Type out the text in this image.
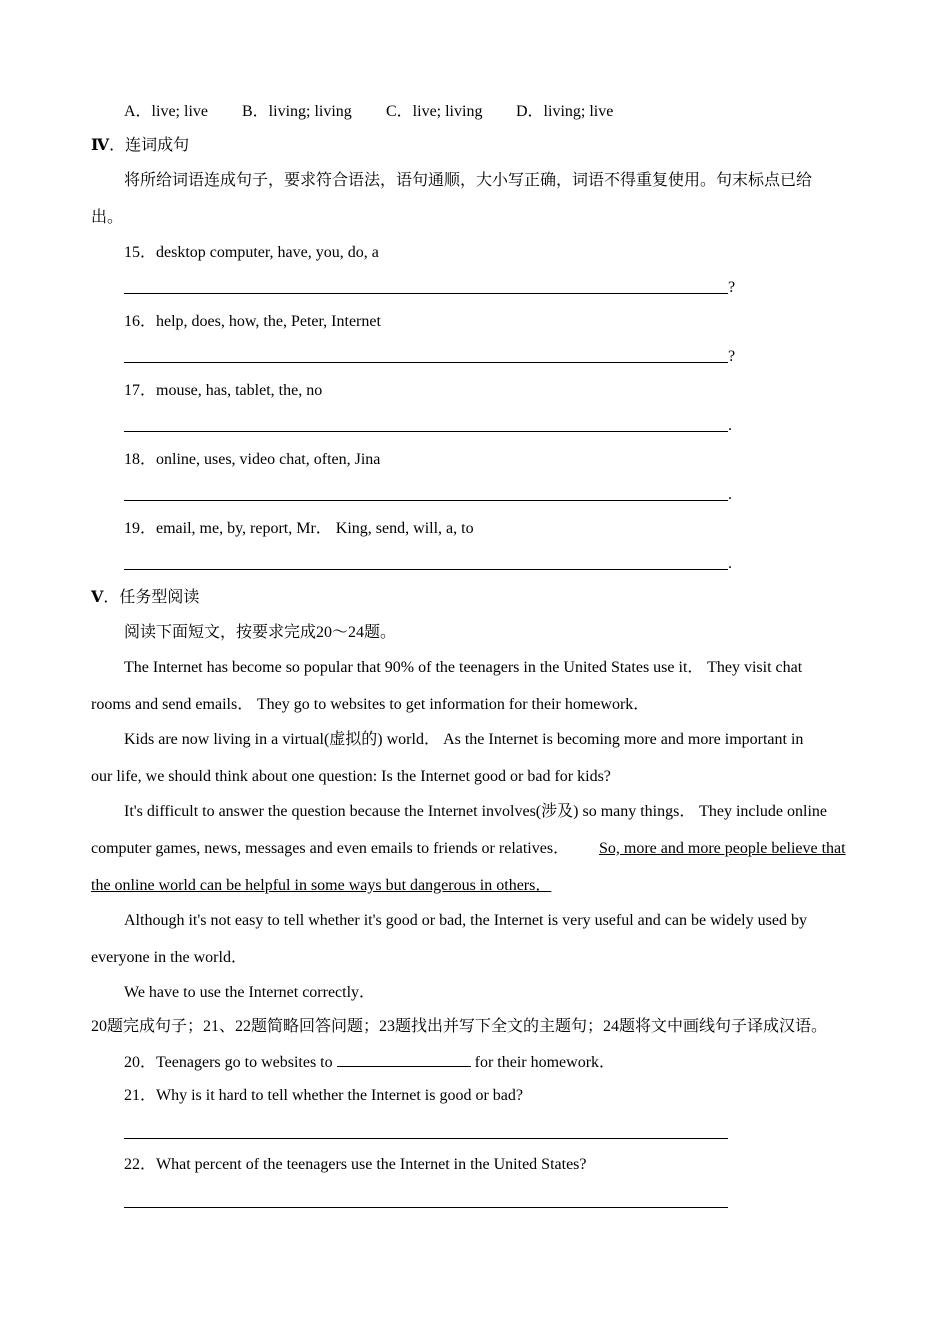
A．live; live B．living; living C．live; living D．living; live
Ⅳ．连词成句
将所给词语连成句子，要求符合语法，语句通顺，大小写正确，词语不得重复使用。句末标点已给
出。
15．desktop computer, have, you, do, a
?
16．help, does, how, the, Peter, Internet
?
17．mouse, has, tablet, the, no
.
18．online, uses, video chat, often, Jina
.
19．email, me, by, report, Mr． King, send, will, a, to
.
Ⅴ．任务型阅读
阅读下面短文，按要求完成20～24题。
The Internet has become so popular that 90% of the teenagers in the United States use it． They visit chat
rooms and send emails． They go to websites to get information for their homework．
Kids are now living in a virtual(虚拟的) world． As the Internet is becoming more and more important in
our life, we should think about one question: Is the Internet good or bad for kids?
It's difficult to answer the question because the Internet involves(涉及) so many things． They include online
computer games, news, messages and even emails to friends or relatives． So, more and more people believe that
the online world can be helpful in some ways but dangerous in others．
Although it's not easy to tell whether it's good or bad, the Internet is very useful and can be widely used by
everyone in the world．
We have to use the Internet correctly．
20题完成句子；21、22题简略回答问题；23题找出并写下全文的主题句；24题将文中画线句子译成汉语。
20．Teenagers go to websites to	for their homework．
21．Why is it hard to tell whether the Internet is good or bad?
22．What percent of the teenagers use the Internet in the United States?
